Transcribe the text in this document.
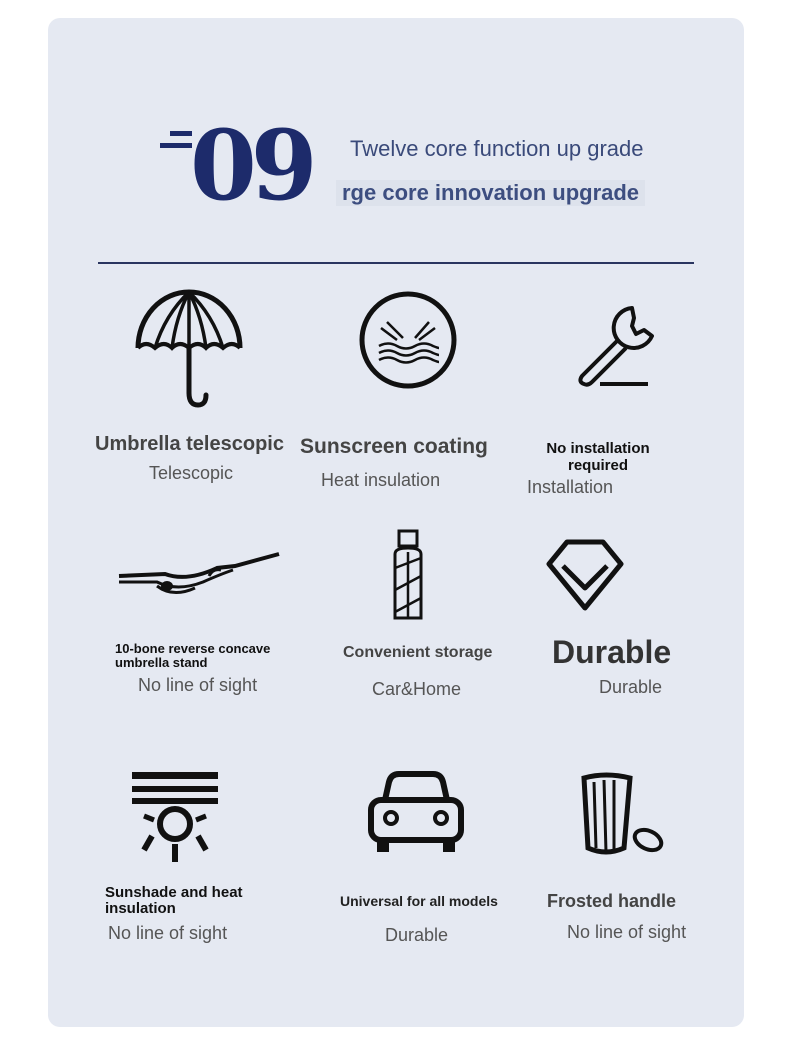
09 Twelve core function up grade
rge core innovation upgrade
Umbrella telescopic
Telescopic
Sunscreen coating
Heat insulation
No installation required
Installation
10-bone reverse concave umbrella stand
No line of sight
Convenient storage
Car&Home
Durable
Durable
Sunshade and heat insulation
No line of sight
Universal for all models
Durable
Frosted handle
No line of sight
